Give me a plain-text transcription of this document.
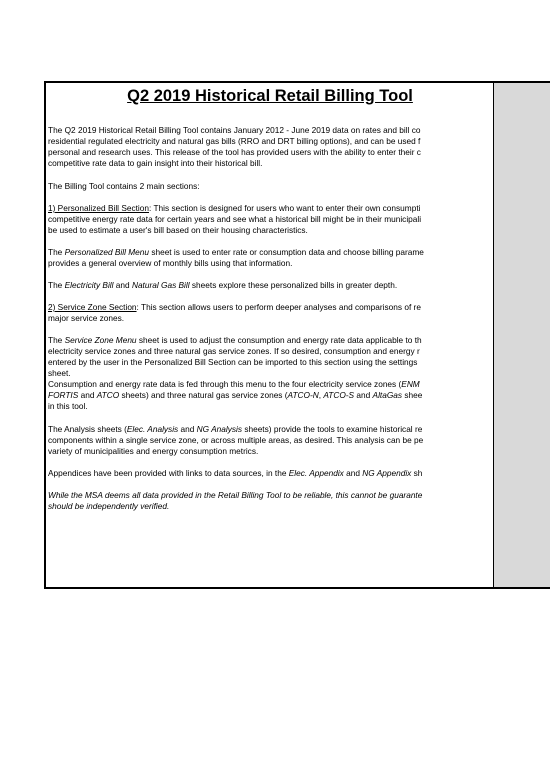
Q2 2019 Historical Retail Billing Tool
The Q2 2019 Historical Retail Billing Tool contains January 2012 - June 2019 data on rates and bill co
residential regulated electricity and natural gas bills (RRO and DRT billing options), and can be used f
personal and research uses. This release of the tool has provided users with the ability to enter their c
competitive rate data to gain insight into their historical bill.
The Billing Tool contains 2 main sections:
1) Personalized Bill Section: This section is designed for users who want to enter their own consumpti
competitive energy rate data for certain years and see what a historical bill might be in their municipali
be used to estimate a user's bill based on their housing characteristics.
The Personalized Bill Menu sheet is used to enter rate or consumption data and choose billing parame
provides a general overview of monthly bills using that information.
The Electricity Bill and Natural Gas Bill sheets explore these personalized bills in greater depth.
2) Service Zone Section: This section allows users to perform deeper analyses and comparisons of re
major service zones.
The Service Zone Menu sheet is used to adjust the consumption and energy rate data applicable to th
electricity service zones and three natural gas service zones. If so desired, consumption and energy r
entered by the user in the Personalized Bill Section can be imported to this section using the settings
sheet.
Consumption and energy rate data is fed through this menu to the four electricity service zones (ENM
FORTIS and ATCO sheets) and three natural gas service zones (ATCO-N, ATCO-S and AltaGas shee
in this tool.
The Analysis sheets (Elec. Analysis and NG Analysis sheets) provide the tools to examine historical re
components within a single service zone, or across multiple areas, as desired. This analysis can be pe
variety of municipalities and energy consumption metrics.
Appendices have been provided with links to data sources, in the Elec. Appendix and NG Appendix sh
While the MSA deems all data provided in the Retail Billing Tool to be reliable, this cannot be guarante
should be independently verified.
